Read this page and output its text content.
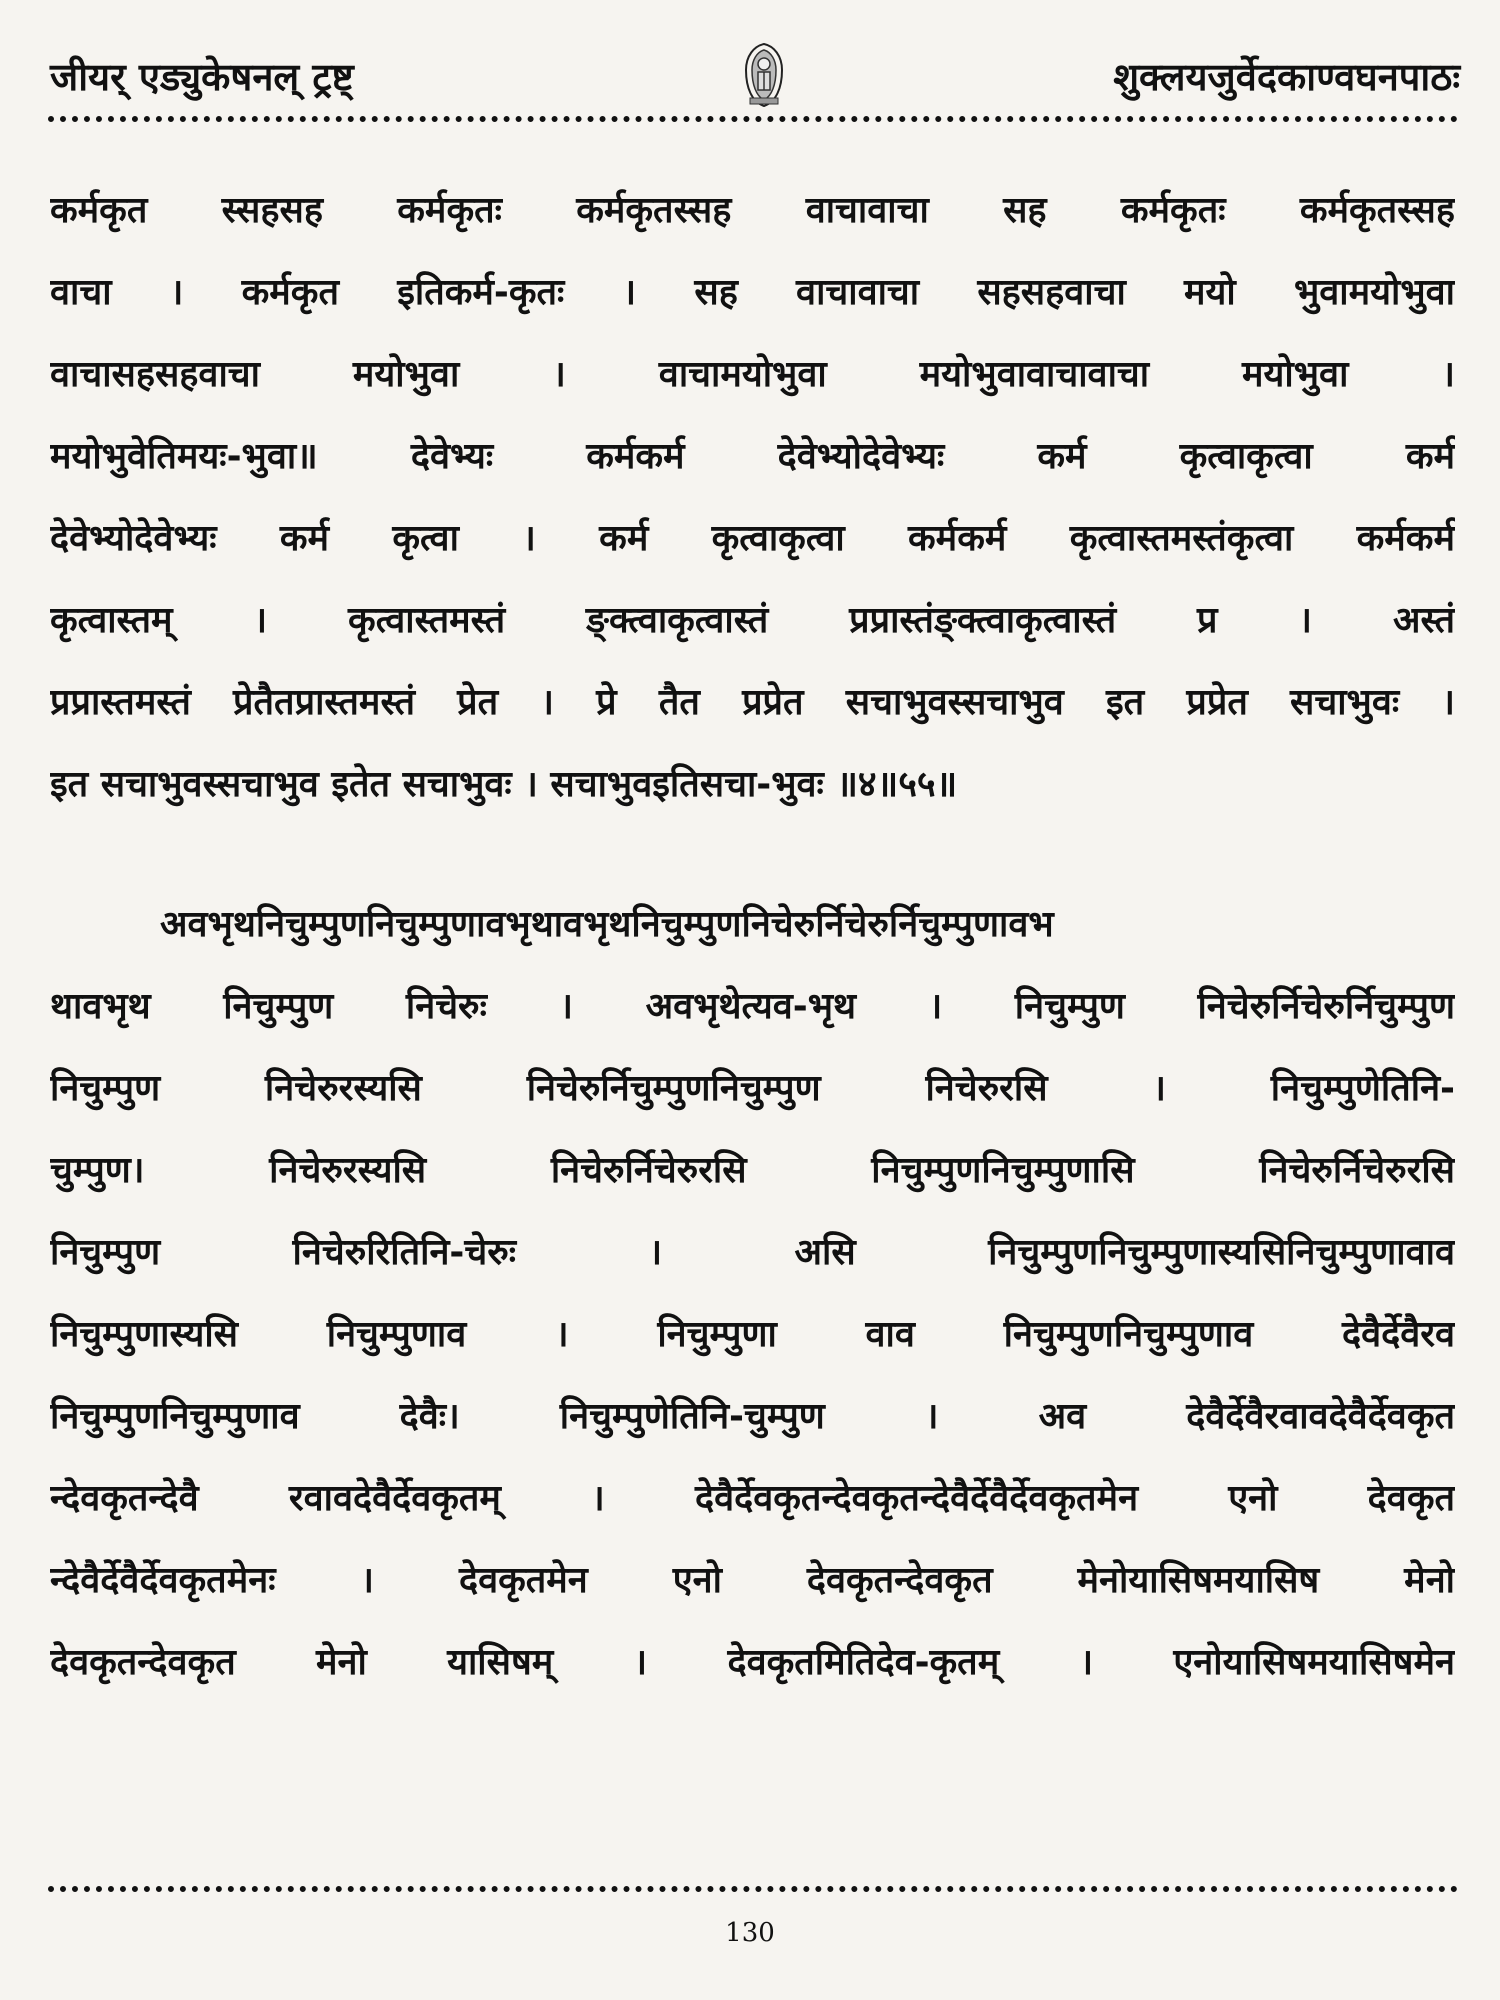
जीयर् एड्युकेषनल् ट्रष्ट्	शुक्लयजुर्वेदकाण्वघनपाठः
कर्मकृत स्सहसह कर्मकृतः कर्मकृतस्सह वाचावाचा सह कर्मकृतः कर्मकृतस्सह
वाचा । कर्मकृत इतिकर्म-कृतः । सह वाचावाचा सहसहवाचा मयो भुवामयोभुवा
वाचासहसहवाचा मयोभुवा । वाचामयोभुवा मयोभुवावाचावाचा मयोभुवा ।
मयोभुवेतिमयः-भुवा॥ देवेभ्यः कर्मकर्म देवेभ्योदेवेभ्यः कर्म कृत्वाकृत्वा कर्म
देवेभ्योदेवेभ्यः कर्म कृत्वा । कर्म कृत्वाकृत्वा कर्मकर्म कृत्वास्तमस्तंकृत्वा कर्मकर्म
कृत्वास्तम् । कृत्वास्तमस्तं ङ्क्त्वाकृत्वास्तं प्रप्रास्तंङ्क्त्वाकृत्वास्तं प्र । अस्तं
प्रप्रास्तमस्तं प्रेतैतप्रास्तमस्तं प्रेत । प्रे तैत प्रप्रेत सचाभुवस्सचाभुव इत प्रप्रेत सचाभुवः ।
इत सचाभुवस्सचाभुव इतेत सचाभुवः । सचाभुवइतिसचा-भुवः ॥४॥५५॥
अवभृथनिचुम्पुणनिचुम्पुणावभृथावभृथनिचुम्पुणनिचेरुर्निचेरुर्निचुम्पुणावभ
थावभृथ निचुम्पुण निचेरुः । अवभृथेत्यव-भृथ । निचुम्पुण निचेरुर्निचेरुर्निचुम्पुण
निचुम्पुण निचेरुरस्यसि निचेरुर्निचुम्पुणनिचुम्पुण निचेरुरसि । निचुम्पुणेतिनि-
चुम्पुण। निचेरुरस्यसि निचेरुर्निचेरुरसि निचुम्पुणनिचुम्पुणासि निचेरुर्निचेरुरसि
निचुम्पुण निचेरुरितिनि-चेरुः । असि निचुम्पुणनिचुम्पुणास्यसिनिचुम्पुणावाव
निचुम्पुणास्यसि निचुम्पुणाव । निचुम्पुणा वाव निचुम्पुणनिचुम्पुणाव देवैर्देवैरव
निचुम्पुणनिचुम्पुणाव देवैः। निचुम्पुणेतिनि-चुम्पुण । अव देवैर्देवैरवावदेवैर्देवकृत
न्देवकृतन्देवै रवावदेवैर्देवकृतम् । देवैर्देवकृतन्देवकृतन्देवैर्देवैर्देवकृतमेन एनो देवकृत
न्देवैर्देवैर्देवकृतमेनः । देवकृतमेन एनो देवकृतन्देवकृत मेनोयासिषमयासिष मेनो
देवकृतन्देवकृत मेनो यासिषम् । देवकृतमितिदेव-कृतम् । एनोयासिषमयासिषमेन
130
